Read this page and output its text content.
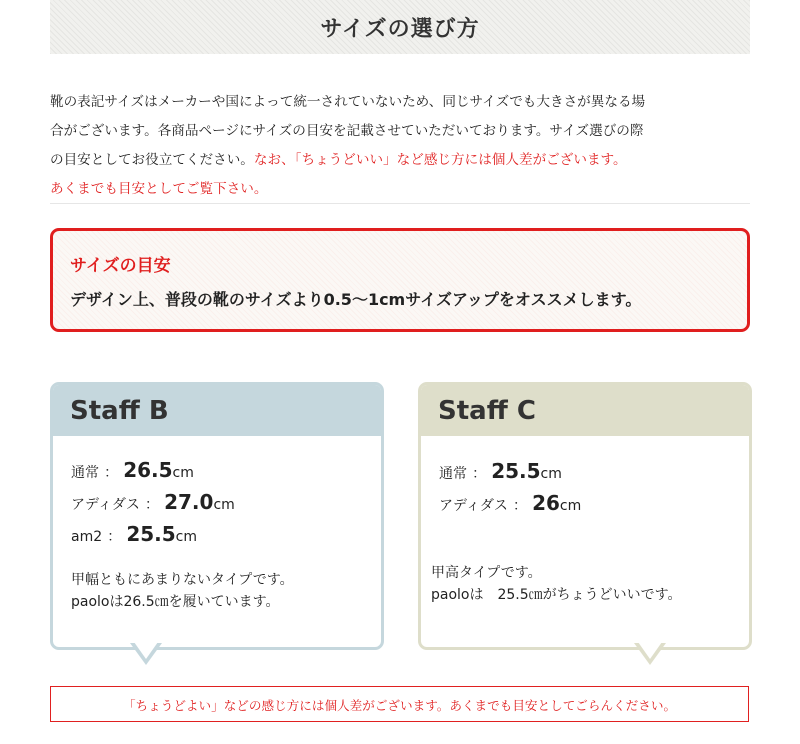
サイズの選び方
靴の表記サイズはメーカーや国によって統一されていないため、同じサイズでも大きさが異なる場
合がございます。各商品ページにサイズの目安を記載させていただいております。サイズ選びの際
の目安としてお役立てください。なお、「ちょうどいい」など感じ方には個人差がございます。
あくまでも目安としてご覧下さい。
サイズの目安
デザイン上、普段の靴のサイズより0.5〜1cmサイズアップをオススメします。
Staff B
通常 ： 26.5cm
アディダス ： 27.0cm
am2 ： 25.5cm
甲幅ともにあまりないタイプです。
paoloは26.5㎝を履いています。
Staff C
通常 ： 25.5cm
アディダス ： 26cm
甲高タイプです。
paoloは　25.5㎝がちょうどいいです。
「ちょうどよい」などの感じ方には個人差がございます。あくまでも目安としてごらんください。
